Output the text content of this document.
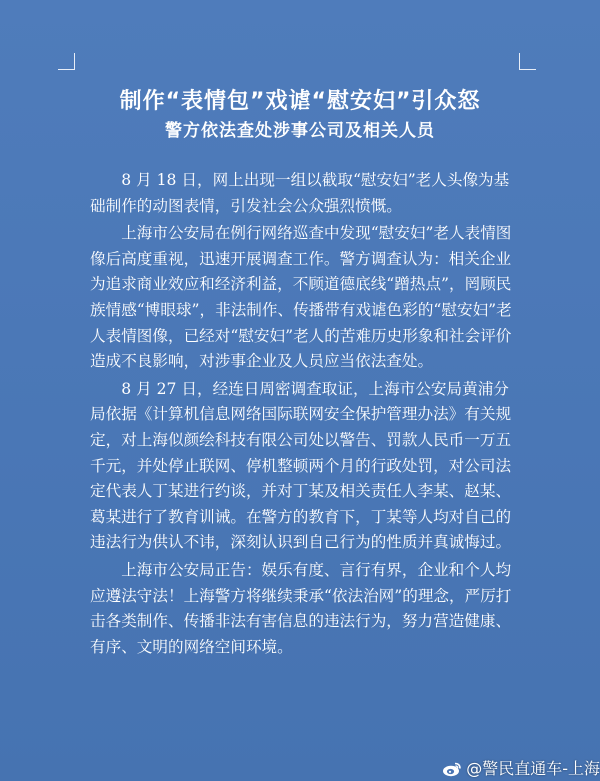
制作“表情包”戏谑“慰安妇”引众怒
警方依法查处涉事公司及相关人员

8 月 18 日，网上出现一组以截取“慰安妇”老人头像为基础制作的动图表情，引发社会公众强烈愤慨。

上海市公安局在例行网络巡查中发现“慰安妇”老人表情图像后高度重视，迅速开展调查工作。警方调查认为：相关企业为追求商业效应和经济利益，不顾道德底线“蹭热点”，罔顾民族情感“博眼球”，非法制作、传播带有戏谑色彩的“慰安妇”老人表情图像，已经对“慰安妇”老人的苦难历史形象和社会评价造成不良影响，对涉事企业及人员应当依法查处。

8 月 27 日，经连日周密调查取证，上海市公安局黄浦分局依据《计算机信息网络国际联网安全保护管理办法》有关规定，对上海似颜绘科技有限公司处以警告、罚款人民币一万五千元，并处停止联网、停机整顿两个月的行政处罚，对公司法定代表人丁某进行约谈，并对丁某及相关责任人李某、赵某、葛某进行了教育训诫。在警方的教育下，丁某等人均对自己的违法行为供认不讳，深刻认识到自己行为的性质并真诚悔过。

上海市公安局正告：娱乐有度、言行有界，企业和个人均应遵法守法！上海警方将继续秉承“依法治网”的理念，严厉打击各类制作、传播非法有害信息的违法行为，努力营造健康、有序、文明的网络空间环境。

@警民直通车-上海
